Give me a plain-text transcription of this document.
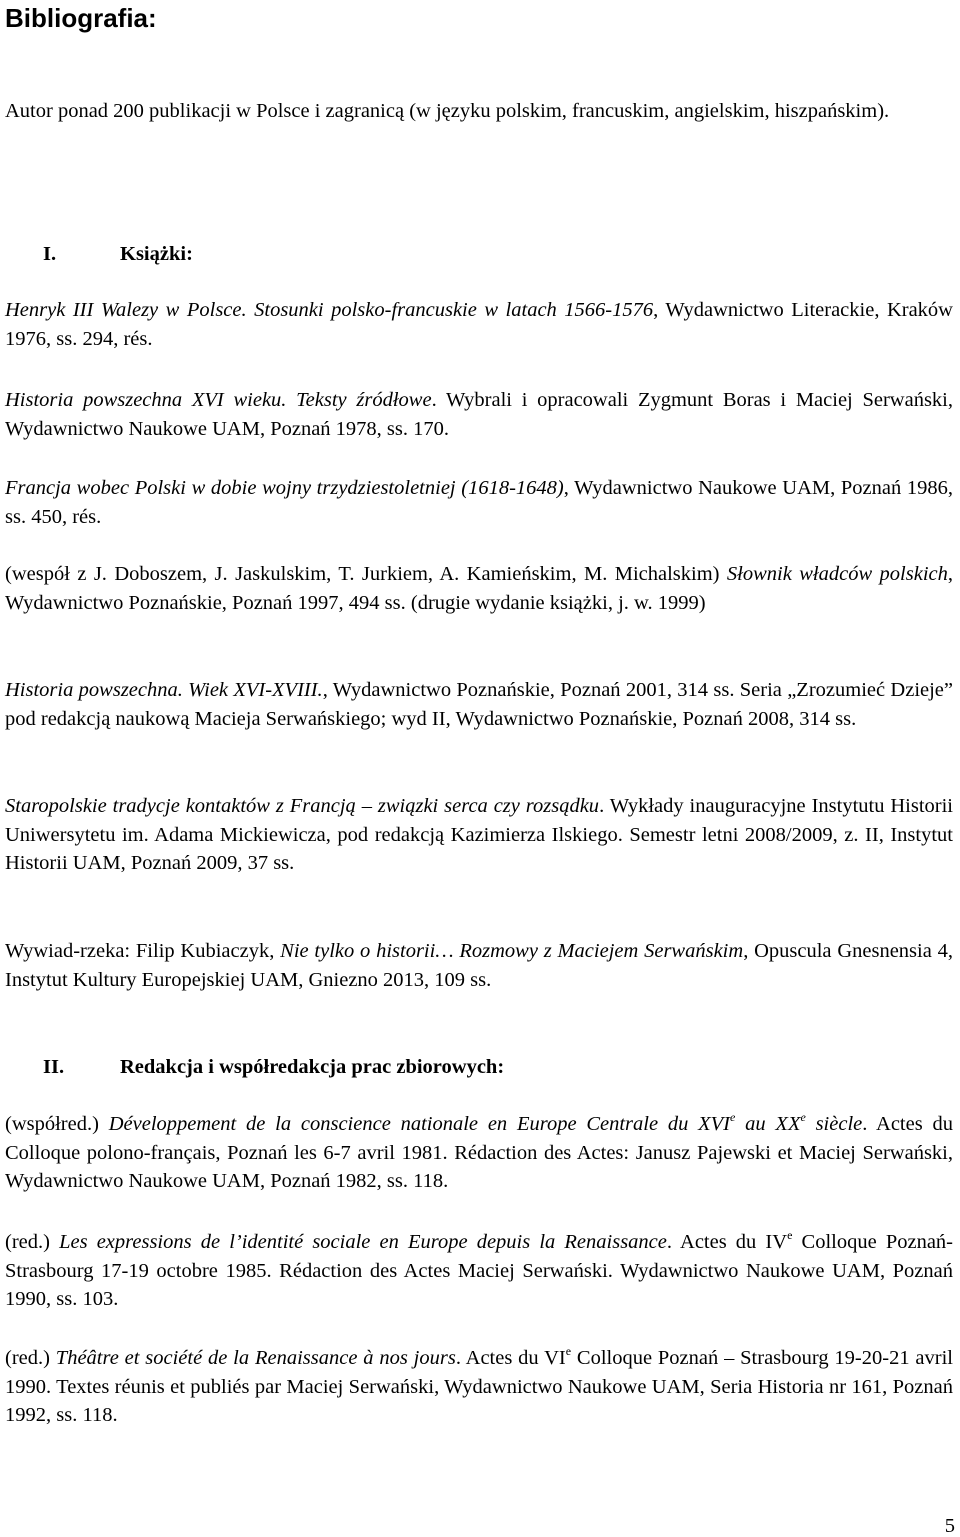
Bibliografia:

Autor ponad 200 publikacji w Polsce i zagranicą (w języku polskim, francuskim, angielskim, hiszpańskim).

I.	Książki:

Henryk III Walezy w Polsce. Stosunki polsko-francuskie w latach 1566-1576, Wydawnictwo Literackie, Kraków 1976, ss. 294, rés.

Historia powszechna XVI wieku. Teksty źródłowe. Wybrali i opracowali Zygmunt Boras i Maciej Serwański, Wydawnictwo Naukowe UAM, Poznań 1978, ss. 170.

Francja wobec Polski w dobie wojny trzydziestoletniej (1618-1648), Wydawnictwo Naukowe UAM, Poznań 1986, ss. 450, rés.

(wespół z J. Doboszem, J. Jaskulskim, T. Jurkiem, A. Kamieńskim, M. Michalskim) Słownik władców polskich, Wydawnictwo Poznańskie, Poznań 1997, 494 ss. (drugie wydanie książki, j. w. 1999)

Historia powszechna. Wiek XVI-XVIII., Wydawnictwo Poznańskie, Poznań 2001, 314 ss. Seria „Zrozumieć Dzieje” pod redakcją naukową Macieja Serwańskiego; wyd II, Wydawnictwo Poznańskie, Poznań 2008, 314 ss.

Staropolskie tradycje kontaktów z Francją – związki serca czy rozsądku. Wykłady inauguracyjne Instytutu Historii Uniwersytetu im. Adama Mickiewicza, pod redakcją Kazimierza Ilskiego. Semestr letni 2008/2009, z. II, Instytut Historii UAM, Poznań 2009, 37 ss.

Wywiad-rzeka: Filip Kubiaczyk, Nie tylko o historii… Rozmowy z Maciejem Serwańskim, Opuscula Gnesnensia 4, Instytut Kultury Europejskiej UAM, Gniezno 2013, 109 ss.

II.	Redakcja i współredakcja prac zbiorowych:

(współred.) Développement de la conscience nationale en Europe Centrale du XVIe au XXe siècle. Actes du Colloque polono-français, Poznań les 6-7 avril 1981. Rédaction des Actes: Janusz Pajewski et Maciej Serwański, Wydawnictwo Naukowe UAM, Poznań 1982, ss. 118.

(red.) Les expressions de l’identité sociale en Europe depuis la Renaissance. Actes du IVe Colloque Poznań-Strasbourg 17-19 octobre 1985. Rédaction des Actes Maciej Serwański. Wydawnictwo Naukowe UAM, Poznań 1990, ss. 103.

(red.) Théâtre et société de la Renaissance à nos jours. Actes du VIe Colloque Poznań – Strasbourg 19-20-21 avril 1990. Textes réunis et publiés par Maciej Serwański, Wydawnictwo Naukowe UAM, Seria Historia nr 161, Poznań 1992, ss. 118.

5
